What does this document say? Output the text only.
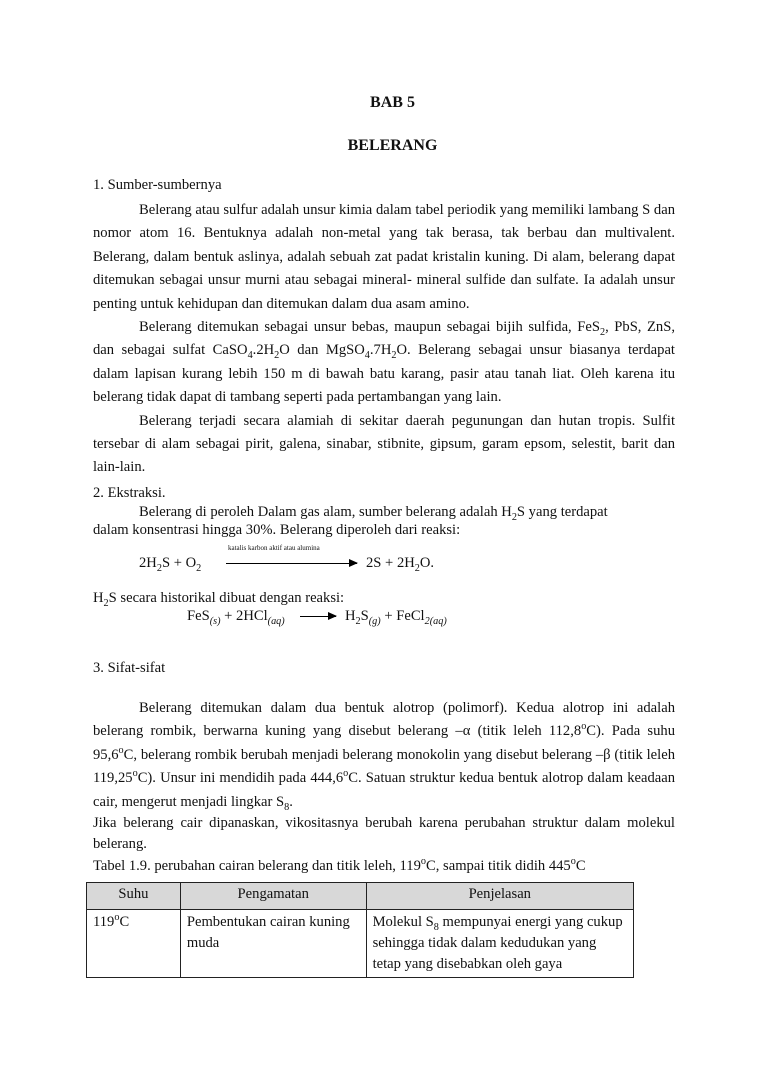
BAB 5
BELERANG
1. Sumber-sumbernya
Belerang atau sulfur adalah unsur kimia dalam tabel periodik yang memiliki lambang S dan nomor atom 16. Bentuknya adalah non-metal yang tak berasa, tak berbau dan multivalent. Belerang, dalam bentuk aslinya, adalah sebuah zat padat kristalin kuning. Di alam, belerang dapat ditemukan sebagai unsur murni atau sebagai mineral- mineral sulfide dan sulfate. Ia adalah unsur penting untuk kehidupan dan ditemukan dalam dua asam amino.
Belerang ditemukan sebagai unsur bebas, maupun sebagai bijih sulfida, FeS$_2$, PbS, ZnS, dan sebagai sulfat $CaSO_4.2H_2O$ dan $MgSO_4.7H_2O$. Belerang sebagai unsur biasanya terdapat dalam lapisan kurang lebih 150 m di bawah batu karang, pasir atau tanah liat. Oleh karena itu belerang tidak dapat di tambang seperti pada pertambangan yang lain.
Belerang terjadi secara alamiah di sekitar daerah pegunungan dan hutan tropis. Sulfit tersebar di alam sebagai pirit, galena, sinabar, stibnite, gipsum, garam epsom, selestit, barit dan lain-lain.
2. Ekstraksi.
Belerang di peroleh Dalam gas alam, sumber belerang adalah $H_2S$ yang terdapat
dalam konsentrasi hingga 30%. Belerang diperoleh dari reaksi:
katalis karbon aktif atau alumina
$2H_2S + O_2$	$2S + 2H_2O$.
$H_2S$ secara historikal dibuat dengan reaksi:
$FeS_{(s)} + 2HCl_{(aq)} \to H_2S_{(g)}$ + FeCl$_{2(aq)}$
3. Sifat-sifat
Belerang ditemukan dalam dua bentuk alotrop (polimorf). Kedua alotrop ini adalah belerang rombik, berwarna kuning yang disebut belerang –α (titik leleh 112,8$^o$C). Pada suhu 95,6$^o$C, belerang rombik berubah menjadi belerang monokolin yang disebut belerang –β (titik leleh 119,25$^o$C). Unsur ini mendidih pada 444,6$^o$C. Satuan struktur kedua bentuk alotrop dalam keadaan cair, mengerut menjadi lingkar $S_8$.
Jika belerang cair dipanaskan, vikositasnya berubah karena perubahan struktur dalam molekul belerang.
Tabel 1.9. perubahan cairan belerang dan titik leleh, 119$^o$C, sampai titik didih 445$^o$C
Suhu	Pengamatan	Penjelasan
119$^o$C	Pembentukan cairan kuning muda	Molekul $S_8$ mempunyai energi yang cukup sehingga tidak dalam kedudukan yang tetap yang disebabkan oleh gaya
